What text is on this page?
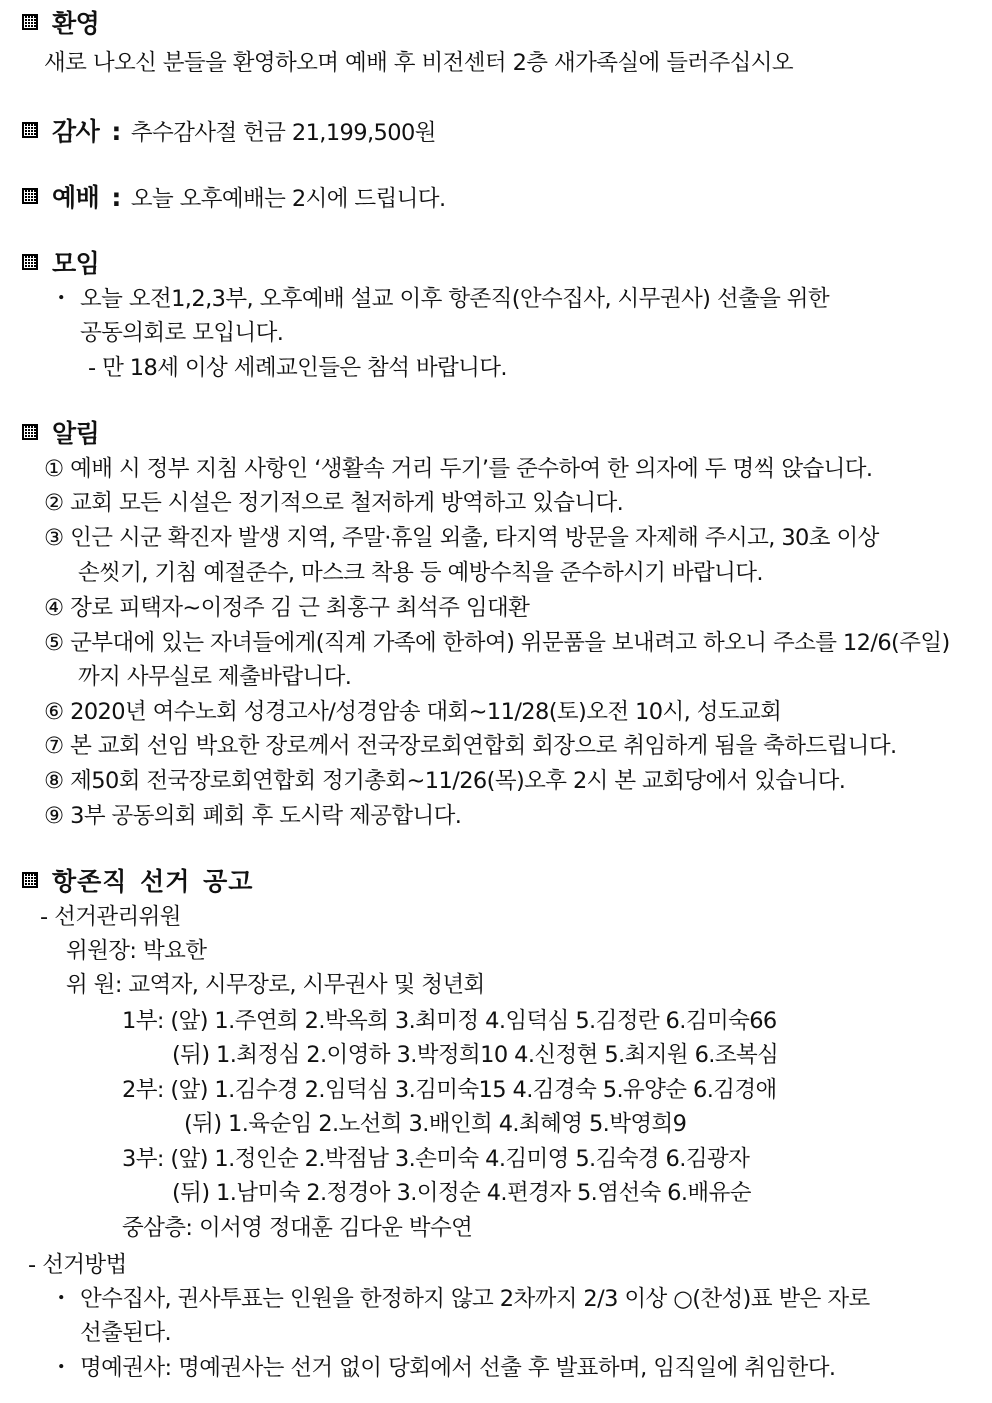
환영
새로 나오신 분들을 환영하오며 예배 후 비전센터 2층 새가족실에 들러주십시오
감사 : 추수감사절 헌금 21,199,500원
예배 : 오늘 오후예배는 2시에 드립니다.
모임
・ 오늘 오전1,2,3부, 오후예배 설교 이후 항존직(안수집사, 시무권사) 선출을 위한
공동의회로 모입니다.
- 만 18세 이상 세례교인들은 참석 바랍니다.
알림
① 예배 시 정부 지침 사항인 ‘생활속 거리 두기’를 준수하여 한 의자에 두 명씩 앉습니다.
② 교회 모든 시설은 정기적으로 철저하게 방역하고 있습니다.
③ 인근 시군 확진자 발생 지역, 주말·휴일 외출, 타지역 방문을 자제해 주시고, 30초 이상
손씻기, 기침 예절준수, 마스크 착용 등 예방수칙을 준수하시기 바랍니다.
④ 장로 피택자~이정주 김 근 최홍구 최석주 임대환
⑤ 군부대에 있는 자녀들에게(직계 가족에 한하여) 위문품을 보내려고 하오니 주소를 12/6(주일)
까지 사무실로 제출바랍니다.
⑥ 2020년 여수노회 성경고사/성경암송 대회~11/28(토)오전 10시, 성도교회
⑦ 본 교회 선임 박요한 장로께서 전국장로회연합회 회장으로 취임하게 됨을 축하드립니다.
⑧ 제50회 전국장로회연합회 정기총회~11/26(목)오후 2시 본 교회당에서 있습니다.
⑨ 3부 공동의회 폐회 후 도시락 제공합니다.
항존직 선거 공고
- 선거관리위원
위원장: 박요한
위 원: 교역자, 시무장로, 시무권사 및 청년회
1부: (앞) 1.주연희 2.박옥희 3.최미정 4.임덕심 5.김정란 6.김미숙66
(뒤) 1.최정심 2.이영하 3.박정희10 4.신정현 5.최지원 6.조복심
2부: (앞) 1.김수경 2.임덕심 3.김미숙15 4.김경숙 5.유양순 6.김경애
(뒤) 1.육순임 2.노선희 3.배인희 4.최혜영 5.박영희9
3부: (앞) 1.정인순 2.박점남 3.손미숙 4.김미영 5.김숙경 6.김광자
(뒤) 1.남미숙 2.정경아 3.이정순 4.편경자 5.염선숙 6.배유순
중삼층: 이서영 정대훈 김다운 박수연
- 선거방법
・ 안수집사, 권사투표는 인원을 한정하지 않고 2차까지 2/3 이상 ○(찬성)표 받은 자로
선출된다.
・ 명예권사: 명예권사는 선거 없이 당회에서 선출 후 발표하며, 임직일에 취임한다.
